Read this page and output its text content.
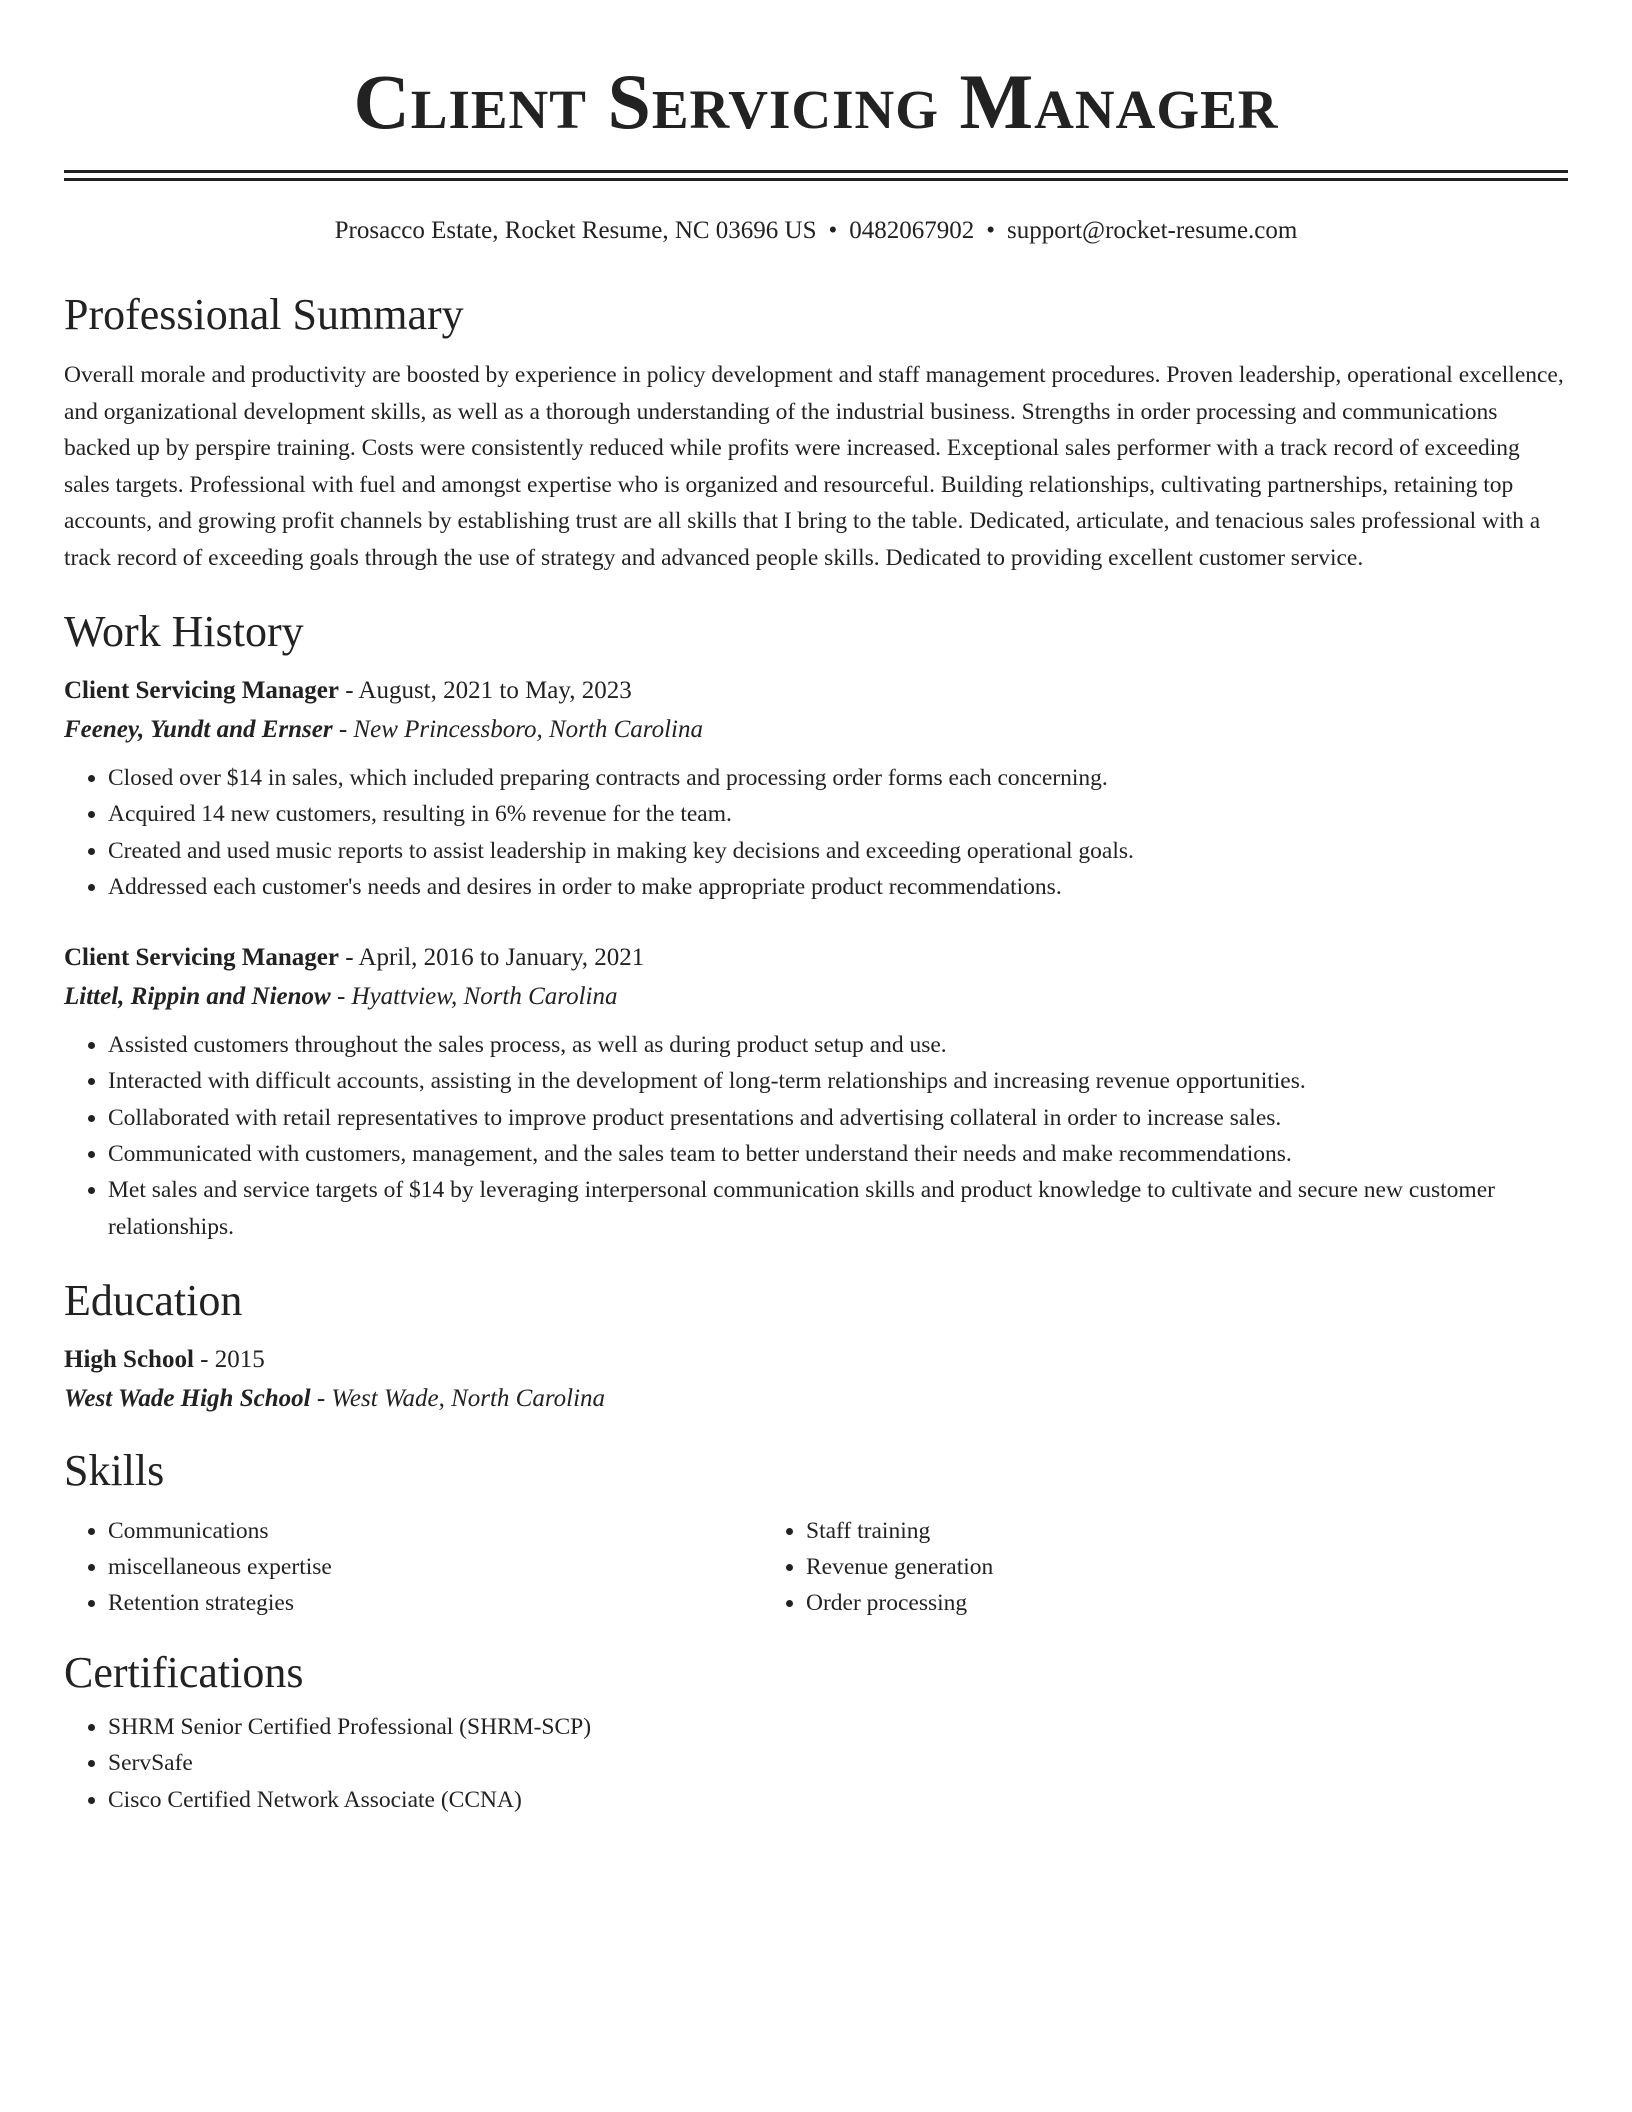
Client Servicing Manager
Prosacco Estate, Rocket Resume, NC 03696 US • 0482067902 • support@rocket-resume.com
Professional Summary

Overall morale and productivity are boosted by experience in policy development and staff management procedures. Proven leadership, operational excellence, and organizational development skills, as well as a thorough understanding of the industrial business. Strengths in order processing and communications backed up by perspire training. Costs were consistently reduced while profits were increased. Exceptional sales performer with a track record of exceeding sales targets. Professional with fuel and amongst expertise who is organized and resourceful. Building relationships, cultivating partnerships, retaining top accounts, and growing profit channels by establishing trust are all skills that I bring to the table. Dedicated, articulate, and tenacious sales professional with a track record of exceeding goals through the use of strategy and advanced people skills. Dedicated to providing excellent customer service.

Work History
Client Servicing Manager - August, 2021 to May, 2023
Feeney, Yundt and Ernser - New Princessboro, North Carolina
• Closed over $14 in sales, which included preparing contracts and processing order forms each concerning.
• Acquired 14 new customers, resulting in 6% revenue for the team.
• Created and used music reports to assist leadership in making key decisions and exceeding operational goals.
• Addressed each customer's needs and desires in order to make appropriate product recommendations.
Client Servicing Manager - April, 2016 to January, 2021
Littel, Rippin and Nienow - Hyattview, North Carolina
• Assisted customers throughout the sales process, as well as during product setup and use.
• Interacted with difficult accounts, assisting in the development of long-term relationships and increasing revenue opportunities.
• Collaborated with retail representatives to improve product presentations and advertising collateral in order to increase sales.
• Communicated with customers, management, and the sales team to better understand their needs and make recommendations.
• Met sales and service targets of $14 by leveraging interpersonal communication skills and product knowledge to cultivate and secure new customer relationships.
Education
High School - 2015
West Wade High School - West Wade, North Carolina
Skills
• Communications
• miscellaneous expertise
• Retention strategies
• Staff training
• Revenue generation
• Order processing
Certifications
• SHRM Senior Certified Professional (SHRM-SCP)
• ServSafe
• Cisco Certified Network Associate (CCNA)
